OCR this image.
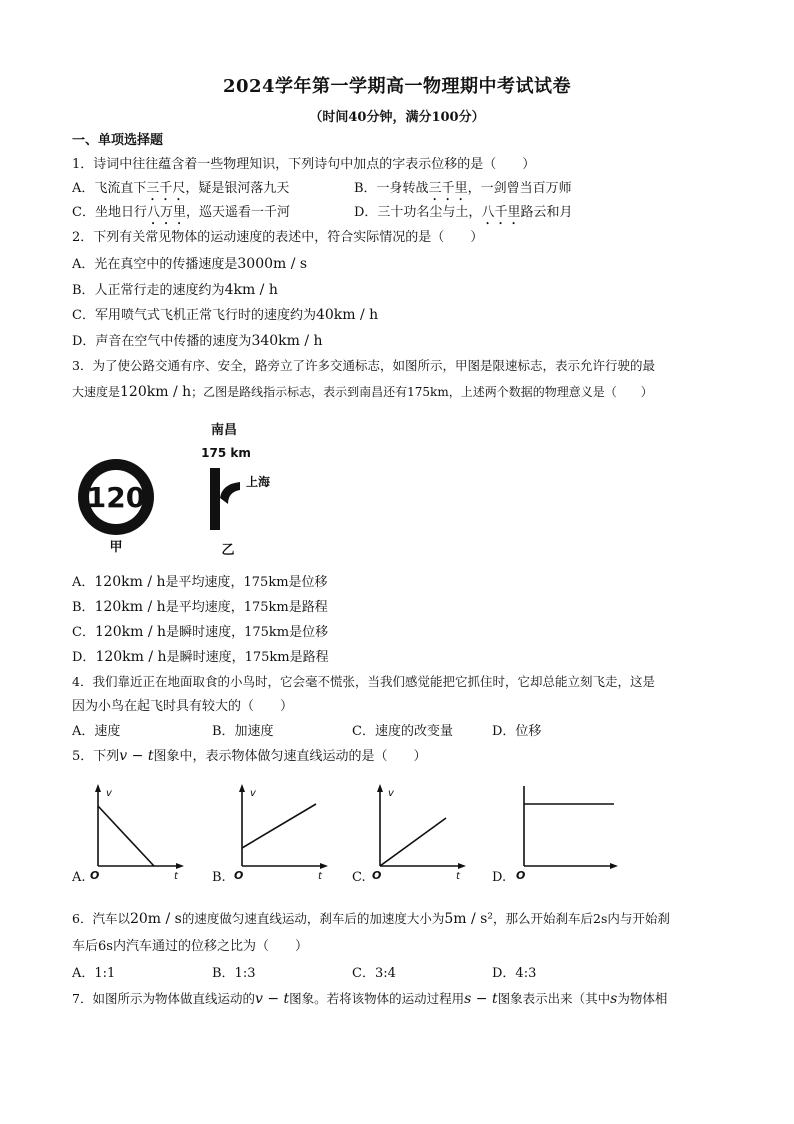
2024学年第一学期高一物理期中考试试卷
（时间40分钟，满分100分）
一、单项选择题
1．诗词中往往蕴含着一些物理知识，下列诗句中加点的字表示位移的是（　　）
A．飞流直下三千尺，疑是银河落九天	B．一身转战三千里，一剑曾当百万师
C．坐地日行八万里，巡天遥看一千河	D．三十功名尘与土，八千里路云和月
2．下列有关常见物体的运动速度的表述中，符合实际情况的是（　　）
A．光在真空中的传播速度是3000m / s
B．人正常行走的速度约为4km / h
C．军用喷气式飞机正常飞行时的速度约为40km / h
D．声音在空气中传播的速度为340km / h
3．为了使公路交通有序、安全，路旁立了许多交通标志，如图所示，甲图是限速标志，表示允许行驶的最
大速度是120km / h；乙图是路线指示标志，表示到南昌还有175km，上述两个数据的物理意义是（　　）
120
甲
南昌
175 km
上海
乙
A．120km / h是平均速度，175km是位移
B．120km / h是平均速度，175km是路程
C．120km / h是瞬时速度，175km是位移
D．120km / h是瞬时速度，175km是路程
4．我们靠近正在地面取食的小鸟时，它会毫不慌张，当我们感觉能把它抓住时，它却总能立刻飞走，这是
因为小鸟在起飞时具有较大的（　　）
A．速度	B．加速度	C．速度的改变量	D．位移
5．下列v − t图象中，表示物体做匀速直线运动的是（　　）
A.
v
t
O	B.
v
t
O	C.
v
t
O	D. O
6．汽车以20m / s的速度做匀速直线运动，刹车后的加速度大小为5m / s²，那么开始刹车后2s内与开始刹
车后6s内汽车通过的位移之比为（　　）
A．1:1	B．1:3	C．3:4	D．4:3
7．如图所示为物体做直线运动的v − t图象。若将该物体的运动过程用s − t图象表示出来（其中s为物体相
